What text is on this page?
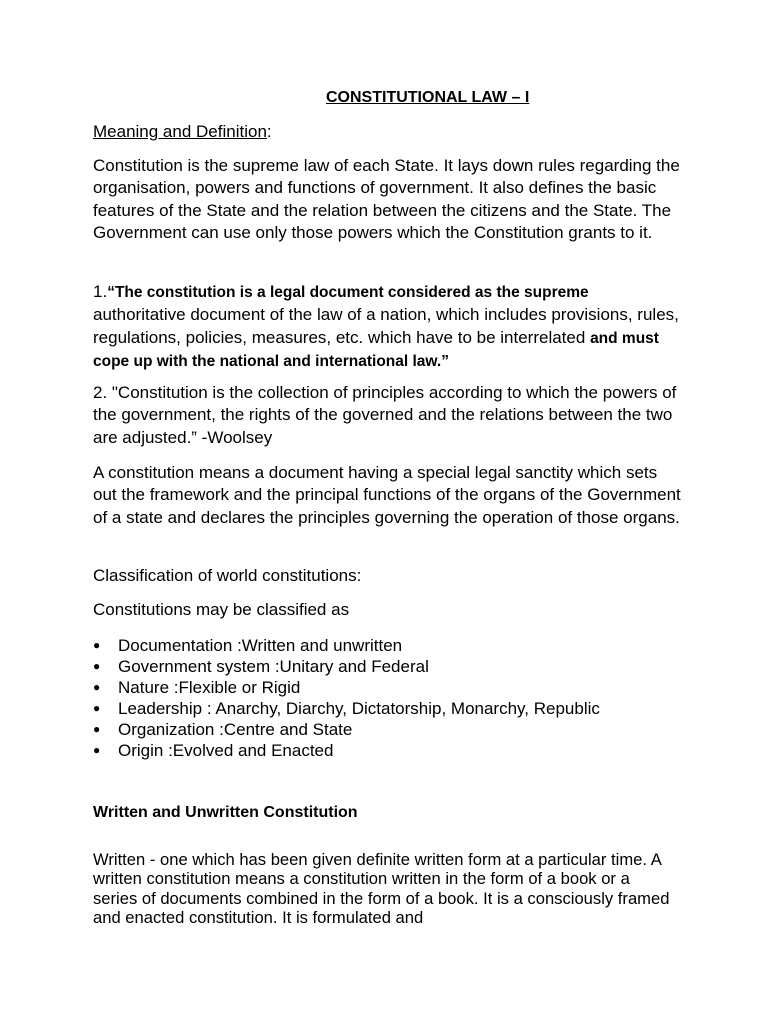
CONSTITUTIONAL LAW – I

Meaning and Definition:

Constitution is the supreme law of each State. It lays down rules regarding the organisation, powers and functions of government. It also defines the basic features of the State and the relation between the citizens and the State. The Government can use only those powers which the Constitution grants to it.

1.“The constitution is a legal document considered as the supreme authoritative document of the law of a nation, which includes provisions, rules, regulations, policies, measures, etc. which have to be interrelated and must cope up with the national and international law.”

2. "Constitution is the collection of principles according to which the powers of the government, the rights of the governed and the relations between the two are adjusted.” -Woolsey

A constitution means a document having a special legal sanctity which sets out the framework and the principal functions of the organs of the Government of a state and declares the principles governing the operation of those organs.

Classification of world constitutions:

Constitutions may be classified as

● Documentation :Written and unwritten
● Government system :Unitary and Federal
● Nature :Flexible or Rigid
● Leadership : Anarchy, Diarchy, Dictatorship, Monarchy, Republic
● Organization :Centre and State
● Origin :Evolved and Enacted
Written and Unwritten Constitution

Written - one which has been given definite written form at a particular time. A written constitution means a constitution written in the form of a book or a series of documents combined in the form of a book. It is a consciously framed and enacted constitution. It is formulated and
